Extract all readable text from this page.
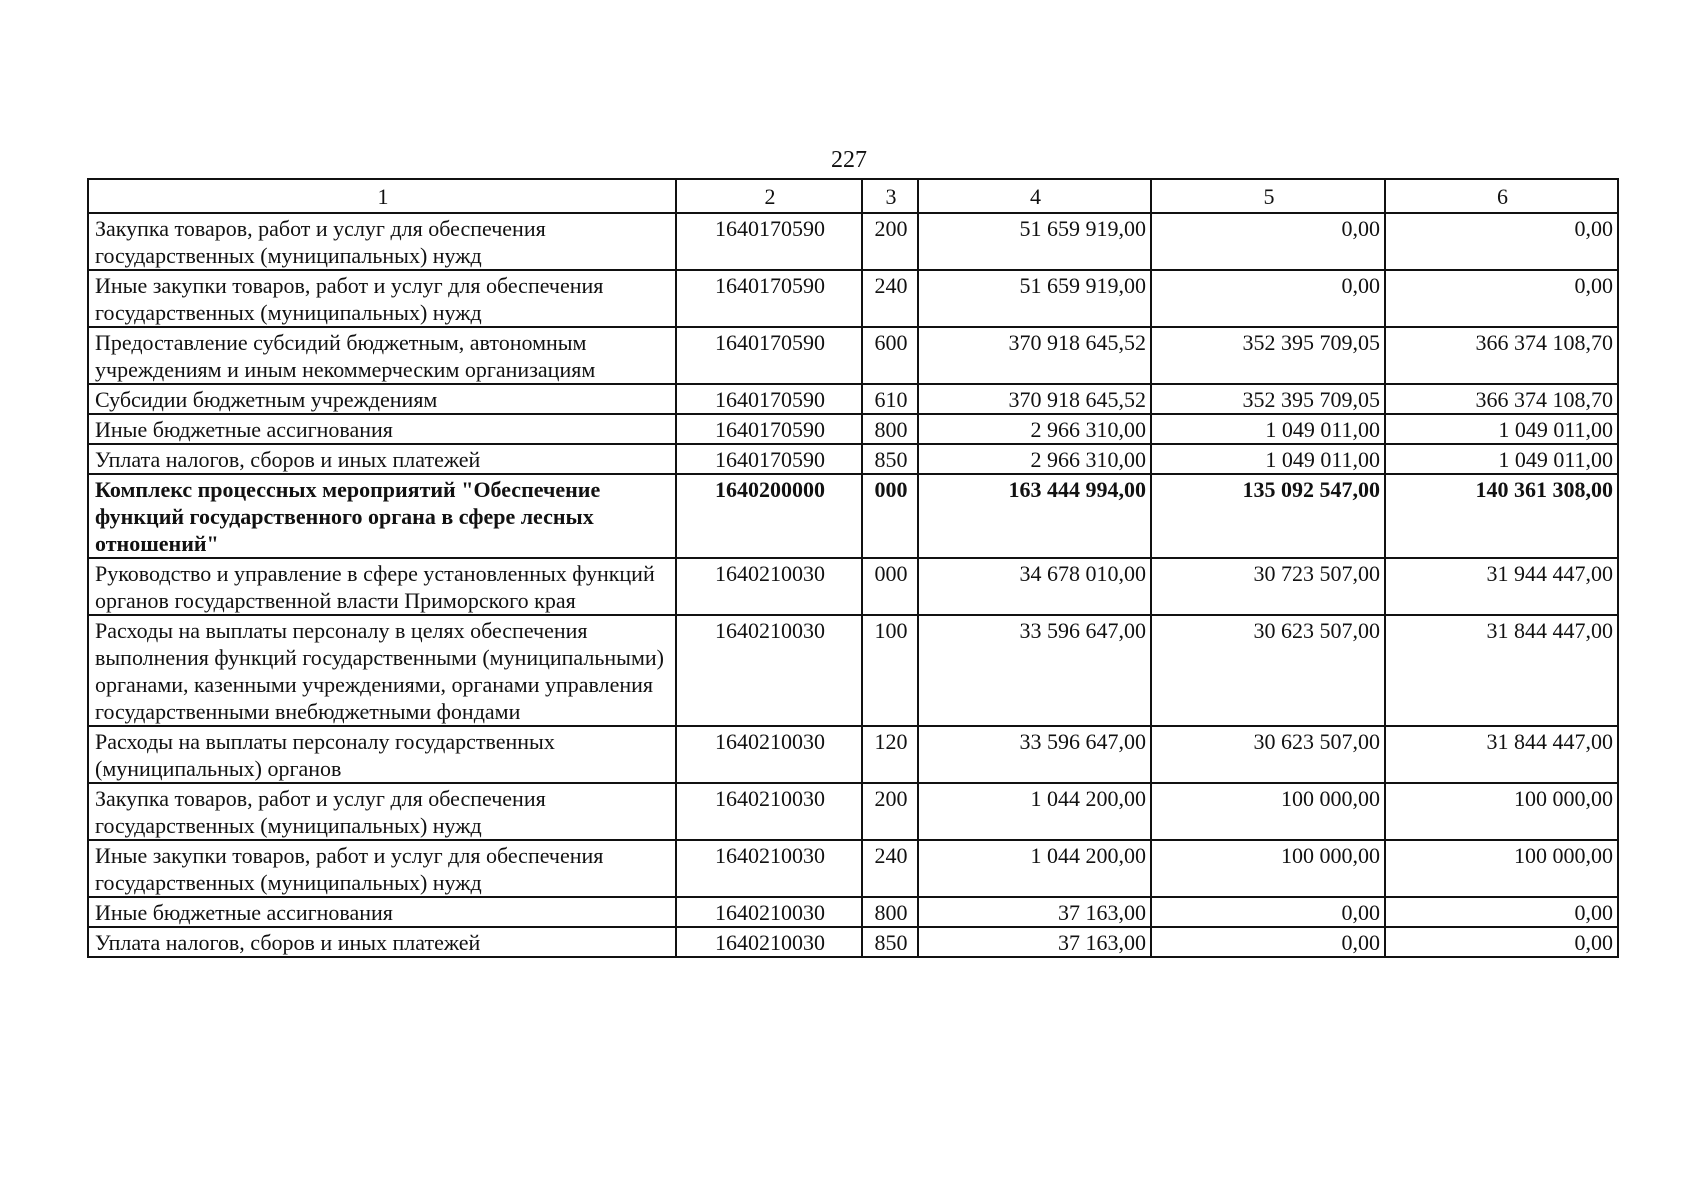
227
1	2	3	4	5	6
Закупка товаров, работ и услуг для обеспечения государственных (муниципальных) нужд	1640170590	200	51 659 919,00	0,00	0,00
Иные закупки товаров, работ и услуг для обеспечения государственных (муниципальных) нужд	1640170590	240	51 659 919,00	0,00	0,00
Предоставление субсидий бюджетным, автономным учреждениям и иным некоммерческим организациям	1640170590	600	370 918 645,52	352 395 709,05	366 374 108,70
Субсидии бюджетным учреждениям	1640170590	610	370 918 645,52	352 395 709,05	366 374 108,70
Иные бюджетные ассигнования	1640170590	800	2 966 310,00	1 049 011,00	1 049 011,00
Уплата налогов, сборов и иных платежей	1640170590	850	2 966 310,00	1 049 011,00	1 049 011,00
Комплекс процессных мероприятий "Обеспечение функций государственного органа в сфере лесных отношений"	1640200000	000	163 444 994,00	135 092 547,00	140 361 308,00
Руководство и управление в сфере установленных функций органов государственной власти Приморского края	1640210030	000	34 678 010,00	30 723 507,00	31 944 447,00
Расходы на выплаты персоналу в целях обеспечения выполнения функций государственными (муниципальными) органами, казенными учреждениями, органами управления государственными внебюджетными фондами	1640210030	100	33 596 647,00	30 623 507,00	31 844 447,00
Расходы на выплаты персоналу государственных (муниципальных) органов	1640210030	120	33 596 647,00	30 623 507,00	31 844 447,00
Закупка товаров, работ и услуг для обеспечения государственных (муниципальных) нужд	1640210030	200	1 044 200,00	100 000,00	100 000,00
Иные закупки товаров, работ и услуг для обеспечения государственных (муниципальных) нужд	1640210030	240	1 044 200,00	100 000,00	100 000,00
Иные бюджетные ассигнования	1640210030	800	37 163,00	0,00	0,00
Уплата налогов, сборов и иных платежей	1640210030	850	37 163,00	0,00	0,00
